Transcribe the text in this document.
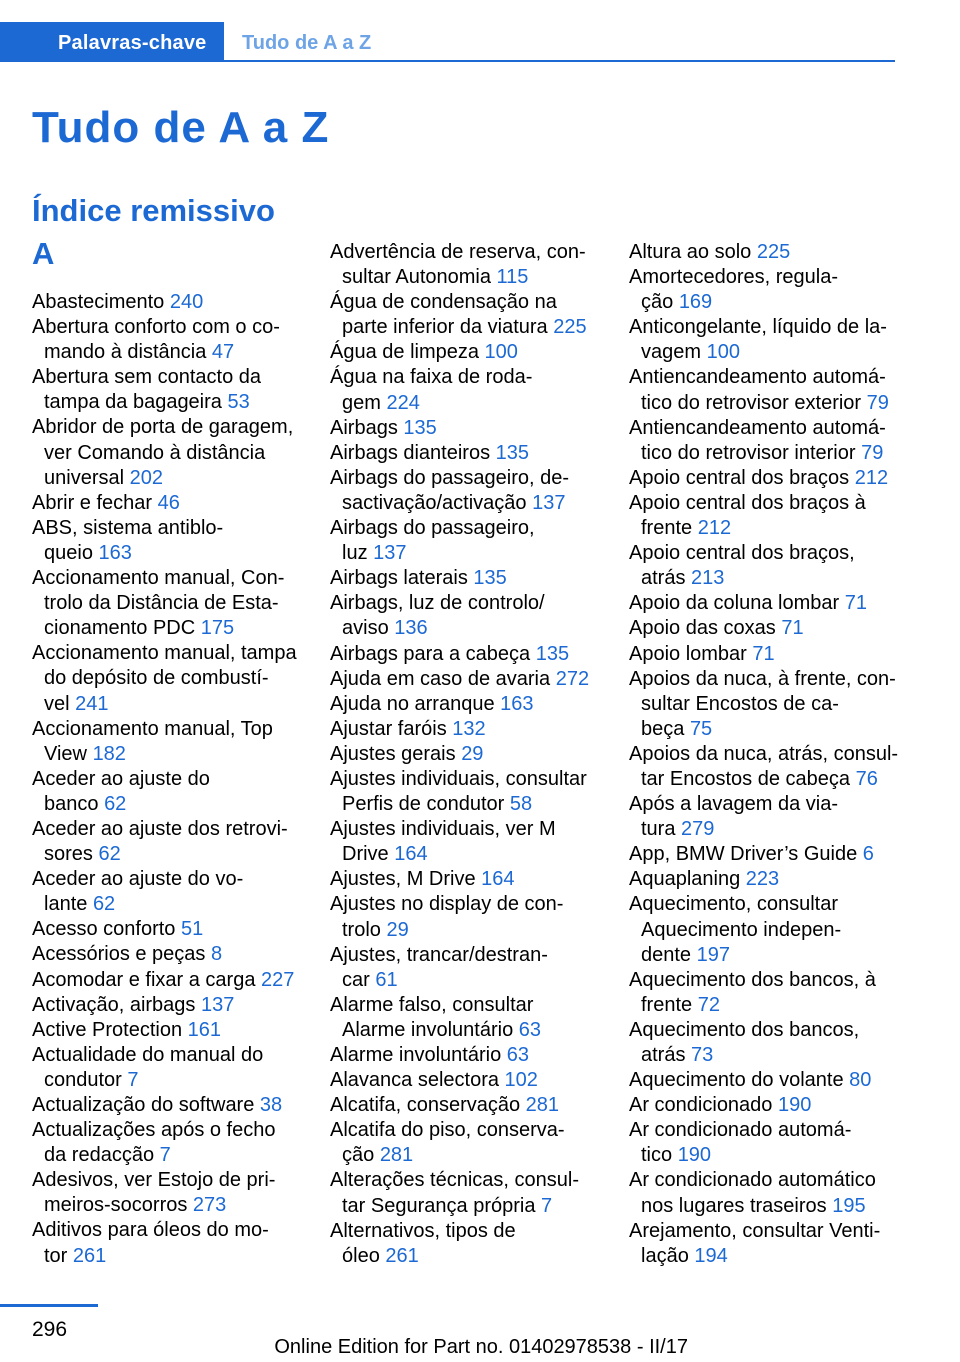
Palavras-chave Tudo de A a Z
Tudo de A a Z
Índice remissivo
A
Abastecimento 240
Abertura conforto com o co-
mando à distância 47
Abertura sem contacto da
tampa da bagageira 53
Abridor de porta de garagem,
ver Comando à distância
universal 202
Abrir e fechar 46
ABS, sistema antiblo-
queio 163
Accionamento manual, Con-
trolo da Distância de Esta-
cionamento PDC 175
Accionamento manual, tampa
do depósito de combustí-
vel 241
Accionamento manual, Top
View 182
Aceder ao ajuste do
banco 62
Aceder ao ajuste dos retrovi-
sores 62
Aceder ao ajuste do vo-
lante 62
Acesso conforto 51
Acessórios e peças 8
Acomodar e fixar a carga 227
Activação, airbags 137
Active Protection 161
Actualidade do manual do
condutor 7
Actualização do software 38
Actualizações após o fecho
da redacção 7
Adesivos, ver Estojo de pri-
meiros-socorros 273
Aditivos para óleos do mo-
tor 261
Advertência de reserva, con-
sultar Autonomia 115
Água de condensação na
parte inferior da viatura 225
Água de limpeza 100
Água na faixa de roda-
gem 224
Airbags 135
Airbags dianteiros 135
Airbags do passageiro, de-
sactivação/activação 137
Airbags do passageiro,
luz 137
Airbags laterais 135
Airbags, luz de controlo/
aviso 136
Airbags para a cabeça 135
Ajuda em caso de avaria 272
Ajuda no arranque 163
Ajustar faróis 132
Ajustes gerais 29
Ajustes individuais, consultar
Perfis de condutor 58
Ajustes individuais, ver M
Drive 164
Ajustes, M Drive 164
Ajustes no display de con-
trolo 29
Ajustes, trancar/destran-
car 61
Alarme falso, consultar
Alarme involuntário 63
Alarme involuntário 63
Alavanca selectora 102
Alcatifa, conservação 281
Alcatifa do piso, conserva-
ção 281
Alterações técnicas, consul-
tar Segurança própria 7
Alternativos, tipos de
óleo 261
Altura ao solo 225
Amortecedores, regula-
ção 169
Anticongelante, líquido de la-
vagem 100
Antiencandeamento automá-
tico do retrovisor exterior 79
Antiencandeamento automá-
tico do retrovisor interior 79
Apoio central dos braços 212
Apoio central dos braços à
frente 212
Apoio central dos braços,
atrás 213
Apoio da coluna lombar 71
Apoio das coxas 71
Apoio lombar 71
Apoios da nuca, à frente, con-
sultar Encostos de ca-
beça 75
Apoios da nuca, atrás, consul-
tar Encostos de cabeça 76
Após a lavagem da via-
tura 279
App, BMW Driver’s Guide 6
Aquaplaning 223
Aquecimento, consultar
Aquecimento indepen-
dente 197
Aquecimento dos bancos, à
frente 72
Aquecimento dos bancos,
atrás 73
Aquecimento do volante 80
Ar condicionado 190
Ar condicionado automá-
tico 190
Ar condicionado automático
nos lugares traseiros 195
Arejamento, consultar Venti-
lação 194
296
Online Edition for Part no. 01402978538 - II/17
